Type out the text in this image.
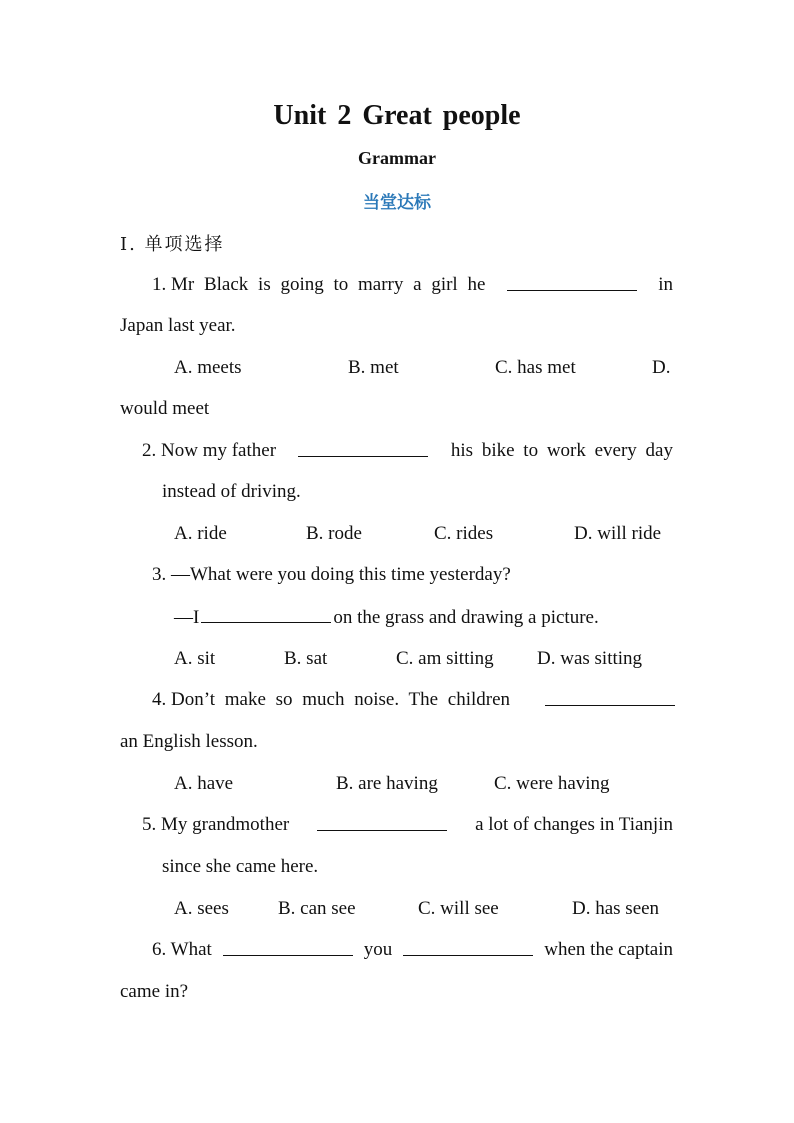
Unit 2 Great people
Grammar
当堂达标
Ⅰ. 单项选择
1. Mr Black is going to marry a girl he	in
Japan last year.
A. meets	B. met	C. has met	D.
would meet
2. Now my father	his bike to work every day
instead of driving.
A. ride	B. rode	C. rides	D. will ride
3. —What were you doing this time yesterday?
—I	on the grass and drawing a picture.
A. sit	B. sat	C. am sitting D. was sitting
4. Don’t make so much noise. The children
an English lesson.
A. have	B. are having	C. were having
5. My grandmother	a lot of changes in Tianjin
since she came here.
A. sees	B. can see	C. will see	D. has seen
6. What	you	when the captain
came in?
